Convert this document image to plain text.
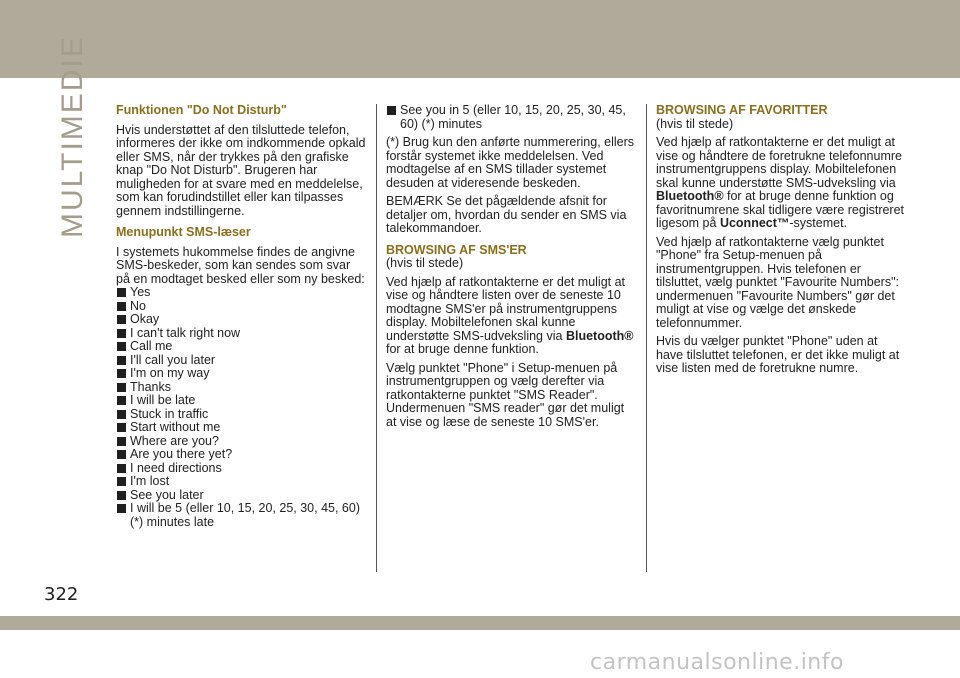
MULTIMEDIE Funktionen "Do Not Disturb"

Hvis understøttet af den tilsluttede telefon, informeres der ikke om indkommende opkald eller SMS, når der trykkes på den grafiske knap "Do Not Disturb". Brugeren har muligheden for at svare med en meddelelse, som kan forudindstillet eller kan tilpasses gennem indstillingerne.

Menupunkt SMS-læser

I systemets hukommelse findes de angivne SMS-beskeder, som kan sendes som svar på en modtaget besked eller som ny besked:

Yes
No
Okay
I can't talk right now
Call me
I'll call you later
I'm on my way
Thanks
I will be late
Stuck in traffic
Start without me
Where are you?
Are you there yet?
I need directions
I'm lost
See you later
I will be 5 (eller 10, 15, 20, 25, 30, 45, 60) (*) minutes late
See you in 5 (eller 10, 15, 20, 25, 30, 45, 60) (*) minutes

(*) Brug kun den anførte nummerering, ellers forstår systemet ikke meddelelsen. Ved modtagelse af en SMS tillader systemet desuden at videresende beskeden.

BEMÆRK Se det pågældende afsnit for detaljer om, hvordan du sender en SMS via talekommandoer.

BROWSING AF SMS'ER

(hvis til stede)

Ved hjælp af ratkontakterne er det muligt at vise og håndtere listen over de seneste 10 modtagne SMS'er på instrumentgruppens display. Mobiltelefonen skal kunne understøtte SMS-udveksling via Bluetooth® for at bruge denne funktion.

Vælg punktet "Phone" i Setup-menuen på instrumentgruppen og vælg derefter via ratkontakterne punktet "SMS Reader". Undermenuen "SMS reader" gør det muligt at vise og læse de seneste 10 SMS'er.

BROWSING AF FAVORITTER

(hvis til stede)

Ved hjælp af ratkontakterne er det muligt at vise og håndtere de foretrukne telefonnumre instrumentgruppens display. Mobiltelefonen skal kunne understøtte SMS-udveksling via Bluetooth® for at bruge denne funktion og favoritnumrene skal tidligere være registreret ligesom på Uconnect™-systemet.

Ved hjælp af ratkontakterne vælg punktet "Phone" fra Setup-menuen på instrumentgruppen. Hvis telefonen er tilsluttet, vælg punktet "Favourite Numbers": undermenuen "Favourite Numbers" gør det muligt at vise og vælge det ønskede telefonnummer.

Hvis du vælger punktet "Phone" uden at have tilsluttet telefonen, er det ikke muligt at vise listen med de foretrukne numre.

322
carmanualsonline.info
